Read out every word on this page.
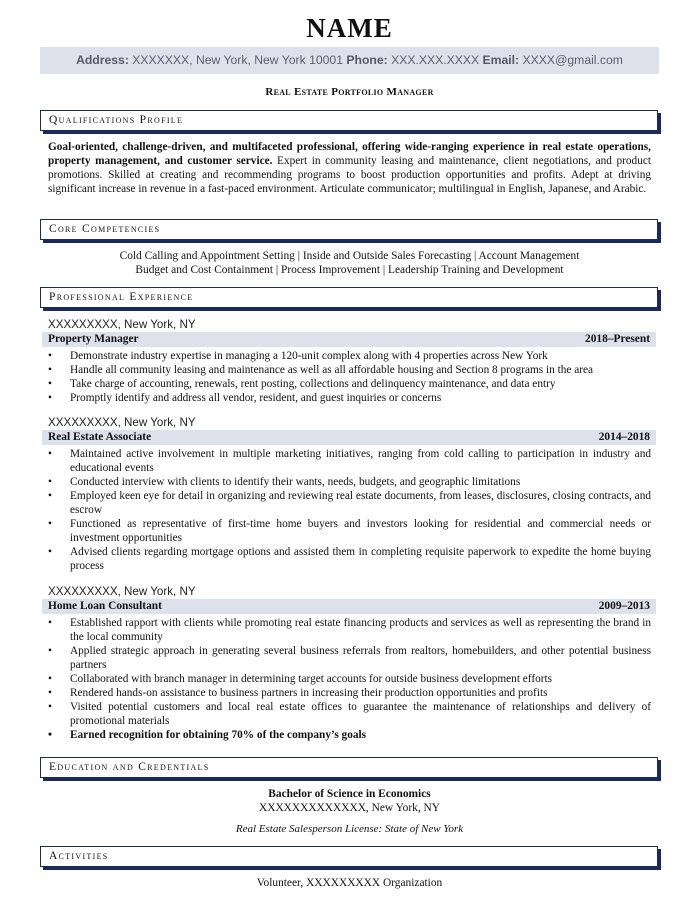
NAME
Address: XXXXXXX, New York, New York 10001 Phone: XXX.XXX.XXXX Email: XXXX@gmail.com
Real Estate Portfolio Manager
Qualifications Profile
Goal-oriented, challenge-driven, and multifaceted professional, offering wide-ranging experience in real estate operations, property management, and customer service. Expert in community leasing and maintenance, client negotiations, and product promotions. Skilled at creating and recommending programs to boost production opportunities and profits. Adept at driving significant increase in revenue in a fast-paced environment. Articulate communicator; multilingual in English, Japanese, and Arabic.
Core Competencies
Cold Calling and Appointment Setting | Inside and Outside Sales Forecasting | Account Management
Budget and Cost Containment | Process Improvement | Leadership Training and Development
Professional Experience
XXXXXXXXX, New York, NY
Property Manager	2018–Present
• Demonstrate industry expertise in managing a 120-unit complex along with 4 properties across New York
• Handle all community leasing and maintenance as well as all affordable housing and Section 8 programs in the area
• Take charge of accounting, renewals, rent posting, collections and delinquency maintenance, and data entry
• Promptly identify and address all vendor, resident, and guest inquiries or concerns
XXXXXXXXX, New York, NY
Real Estate Associate	2014–2018
• Maintained active involvement in multiple marketing initiatives, ranging from cold calling to participation in industry and educational events
• Conducted interview with clients to identify their wants, needs, budgets, and geographic limitations
• Employed keen eye for detail in organizing and reviewing real estate documents, from leases, disclosures, closing contracts, and escrow
• Functioned as representative of first-time home buyers and investors looking for residential and commercial needs or investment opportunities
• Advised clients regarding mortgage options and assisted them in completing requisite paperwork to expedite the home buying process
XXXXXXXXX, New York, NY
Home Loan Consultant	2009–2013
• Established rapport with clients while promoting real estate financing products and services as well as representing the brand in the local community
• Applied strategic approach in generating several business referrals from realtors, homebuilders, and other potential business partners
• Collaborated with branch manager in determining target accounts for outside business development efforts
• Rendered hands-on assistance to business partners in increasing their production opportunities and profits
• Visited potential customers and local real estate offices to guarantee the maintenance of relationships and delivery of promotional materials
• Earned recognition for obtaining 70% of the company’s goals
Education and Credentials
Bachelor of Science in Economics
XXXXXXXXXXXXX, New York, NY
Real Estate Salesperson License: State of New York
Activities
Volunteer, XXXXXXXXX Organization
